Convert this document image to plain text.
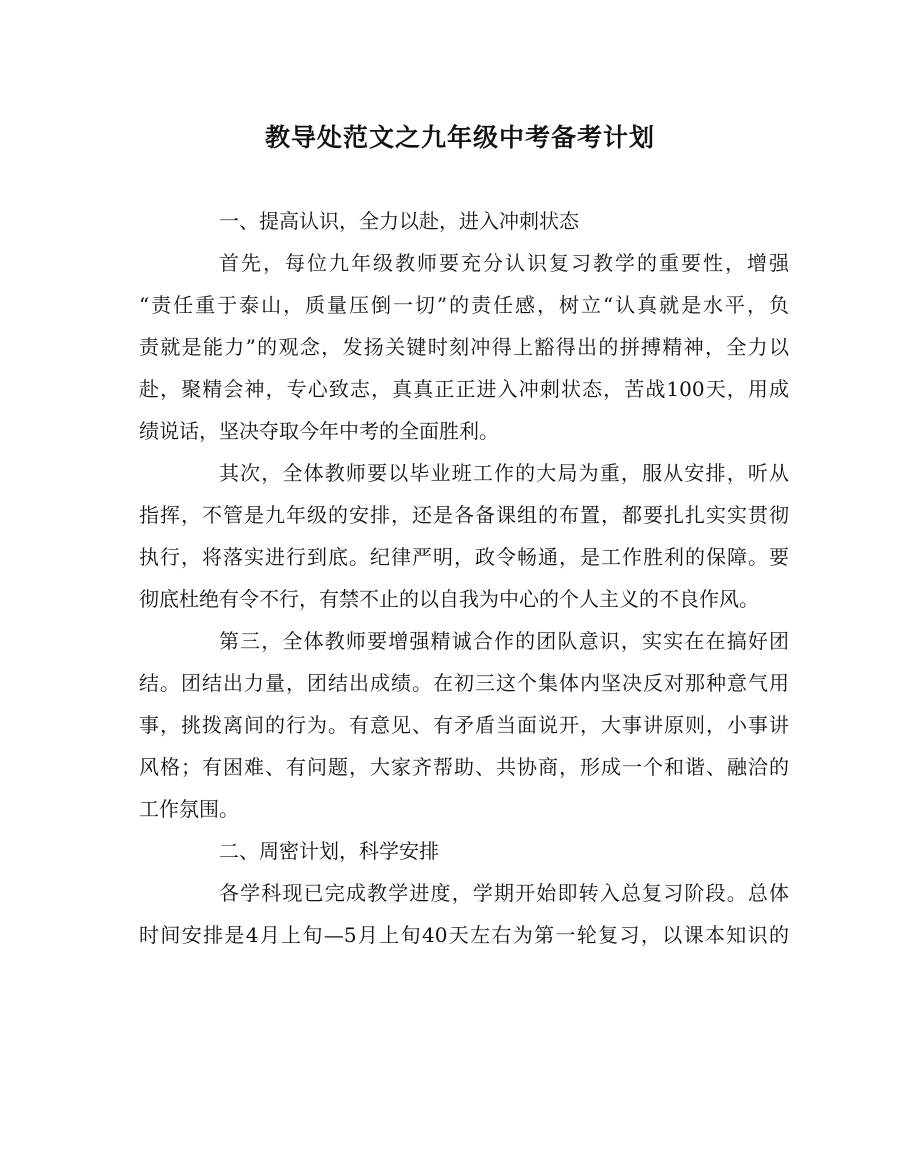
教导处范文之九年级中考备考计划
一、提高认识，全力以赴，进入冲刺状态
首先，每位九年级教师要充分认识复习教学的重要性，增强
“责任重于泰山，质量压倒一切”的责任感，树立“认真就是水平，负
责就是能力”的观念，发扬关键时刻冲得上豁得出的拼搏精神，全力以
赴，聚精会神，专心致志，真真正正进入冲刺状态，苦战100天，用成
绩说话，坚决夺取今年中考的全面胜利。
其次，全体教师要以毕业班工作的大局为重，服从安排，听从
指挥，不管是九年级的安排，还是各备课组的布置，都要扎扎实实贯彻
执行，将落实进行到底。纪律严明，政令畅通，是工作胜利的保障。要
彻底杜绝有令不行，有禁不止的以自我为中心的个人主义的不良作风。
第三，全体教师要增强精诚合作的团队意识，实实在在搞好团
结。团结出力量，团结出成绩。在初三这个集体内坚决反对那种意气用
事，挑拨离间的行为。有意见、有矛盾当面说开，大事讲原则，小事讲
风格；有困难、有问题，大家齐帮助、共协商，形成一个和谐、融洽的
工作氛围。
二、周密计划，科学安排
各学科现已完成教学进度，学期开始即转入总复习阶段。总体
时间安排是4月上旬—5月上旬40天左右为第一轮复习，以课本知识的
